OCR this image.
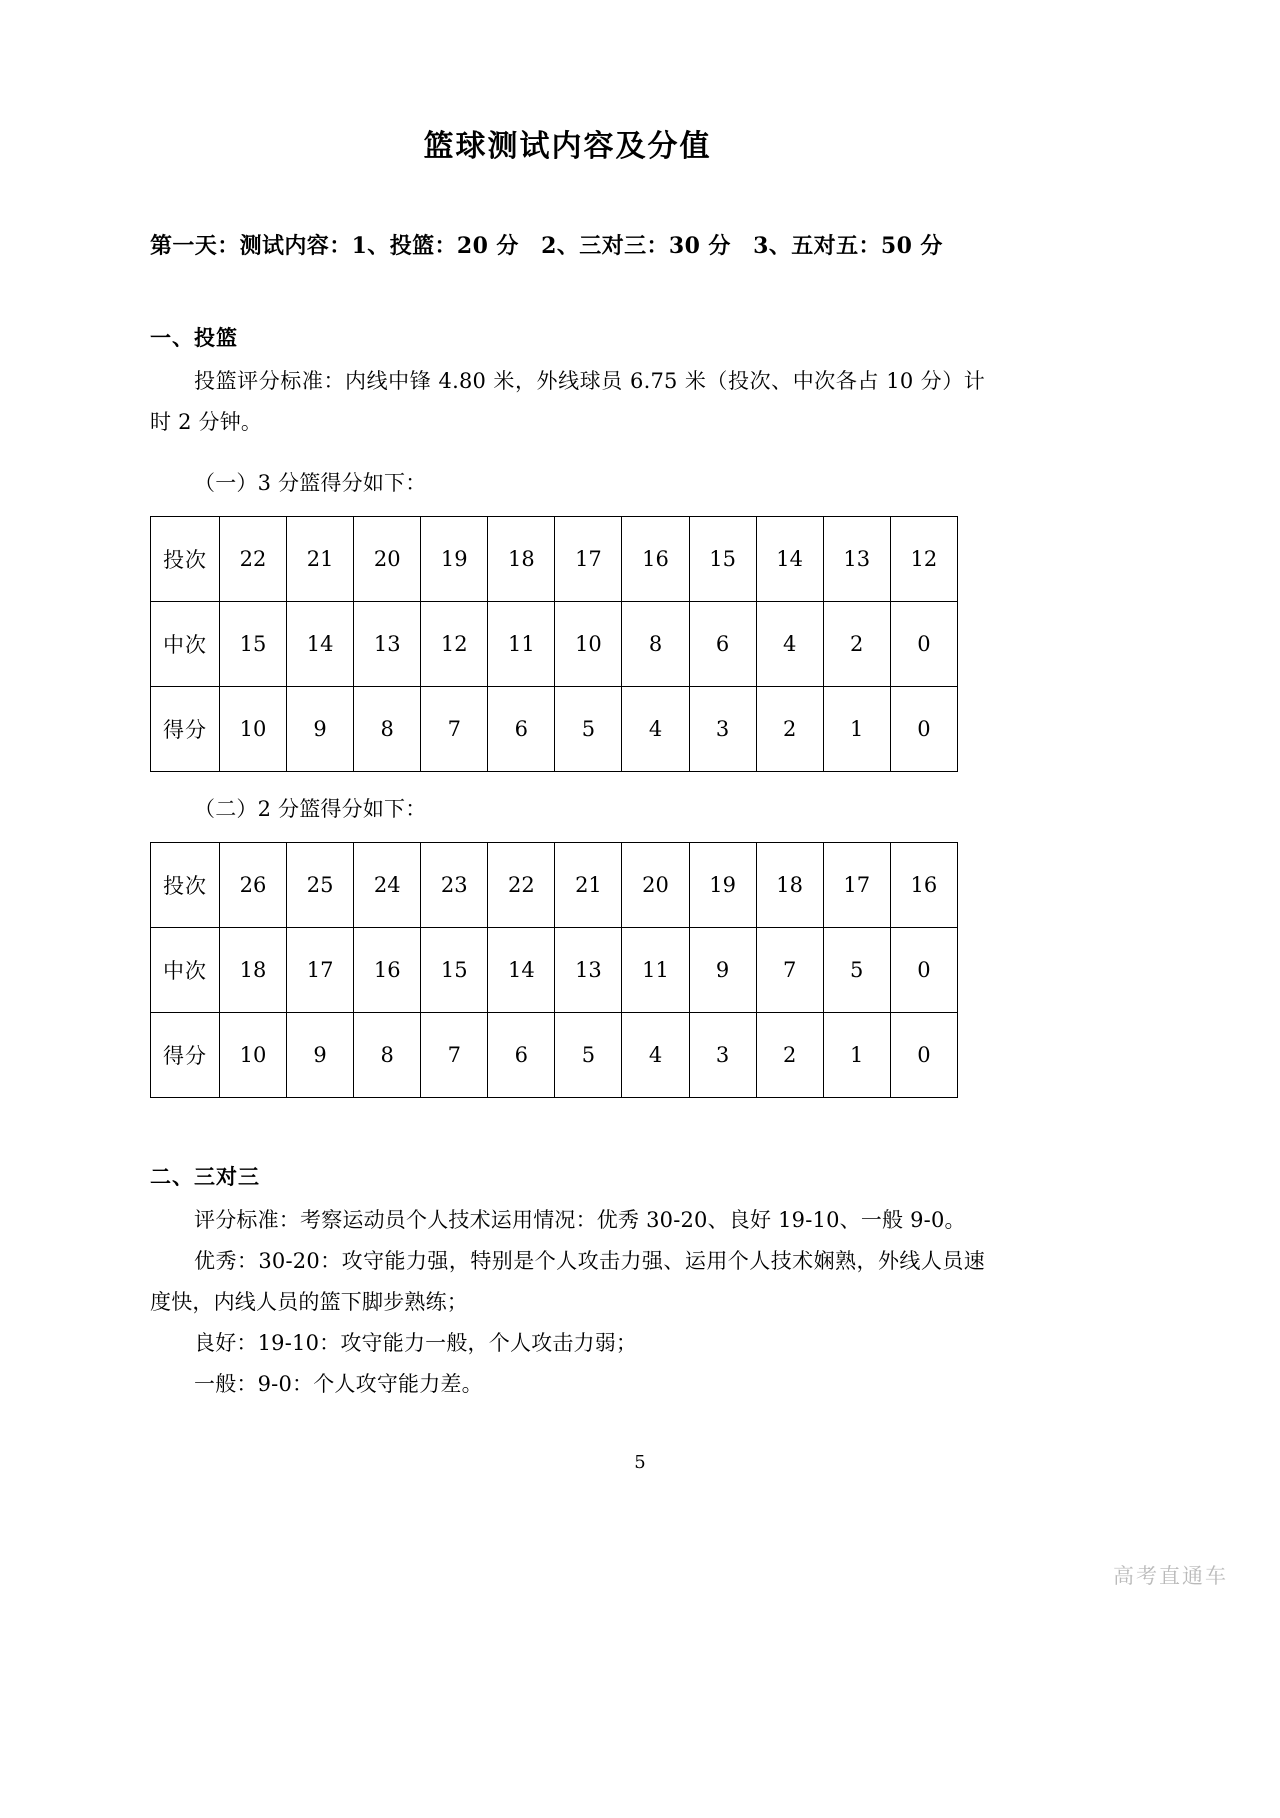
篮球测试内容及分值

第一天：测试内容：1、投篮：20 分　2、三对三：30 分　3、五对五：50 分

一、投篮

投篮评分标准：内线中锋 4.80 米，外线球员 6.75 米（投次、中次各占 10 分）计时 2 分钟。

（一）3 分篮得分如下：

投次	22	21	20	19	18	17	16	15	14	13	12
中次	15	14	13	12	11	10	8	6	4	2	0
得分	10	9	8	7	6	5	4	3	2	1	0

（二）2 分篮得分如下：

投次	26	25	24	23	22	21	20	19	18	17	16
中次	18	17	16	15	14	13	11	9	7	5	0
得分	10	9	8	7	6	5	4	3	2	1	0
二、三对三

评分标准：考察运动员个人技术运用情况：优秀 30-20、良好 19-10、一般 9-0。

优秀：30-20：攻守能力强，特别是个人攻击力强、运用个人技术娴熟，外线人员速度快，内线人员的篮下脚步熟练；

良好：19-10：攻守能力一般，个人攻击力弱；

一般：9-0：个人攻守能力差。

5
高考直通车
